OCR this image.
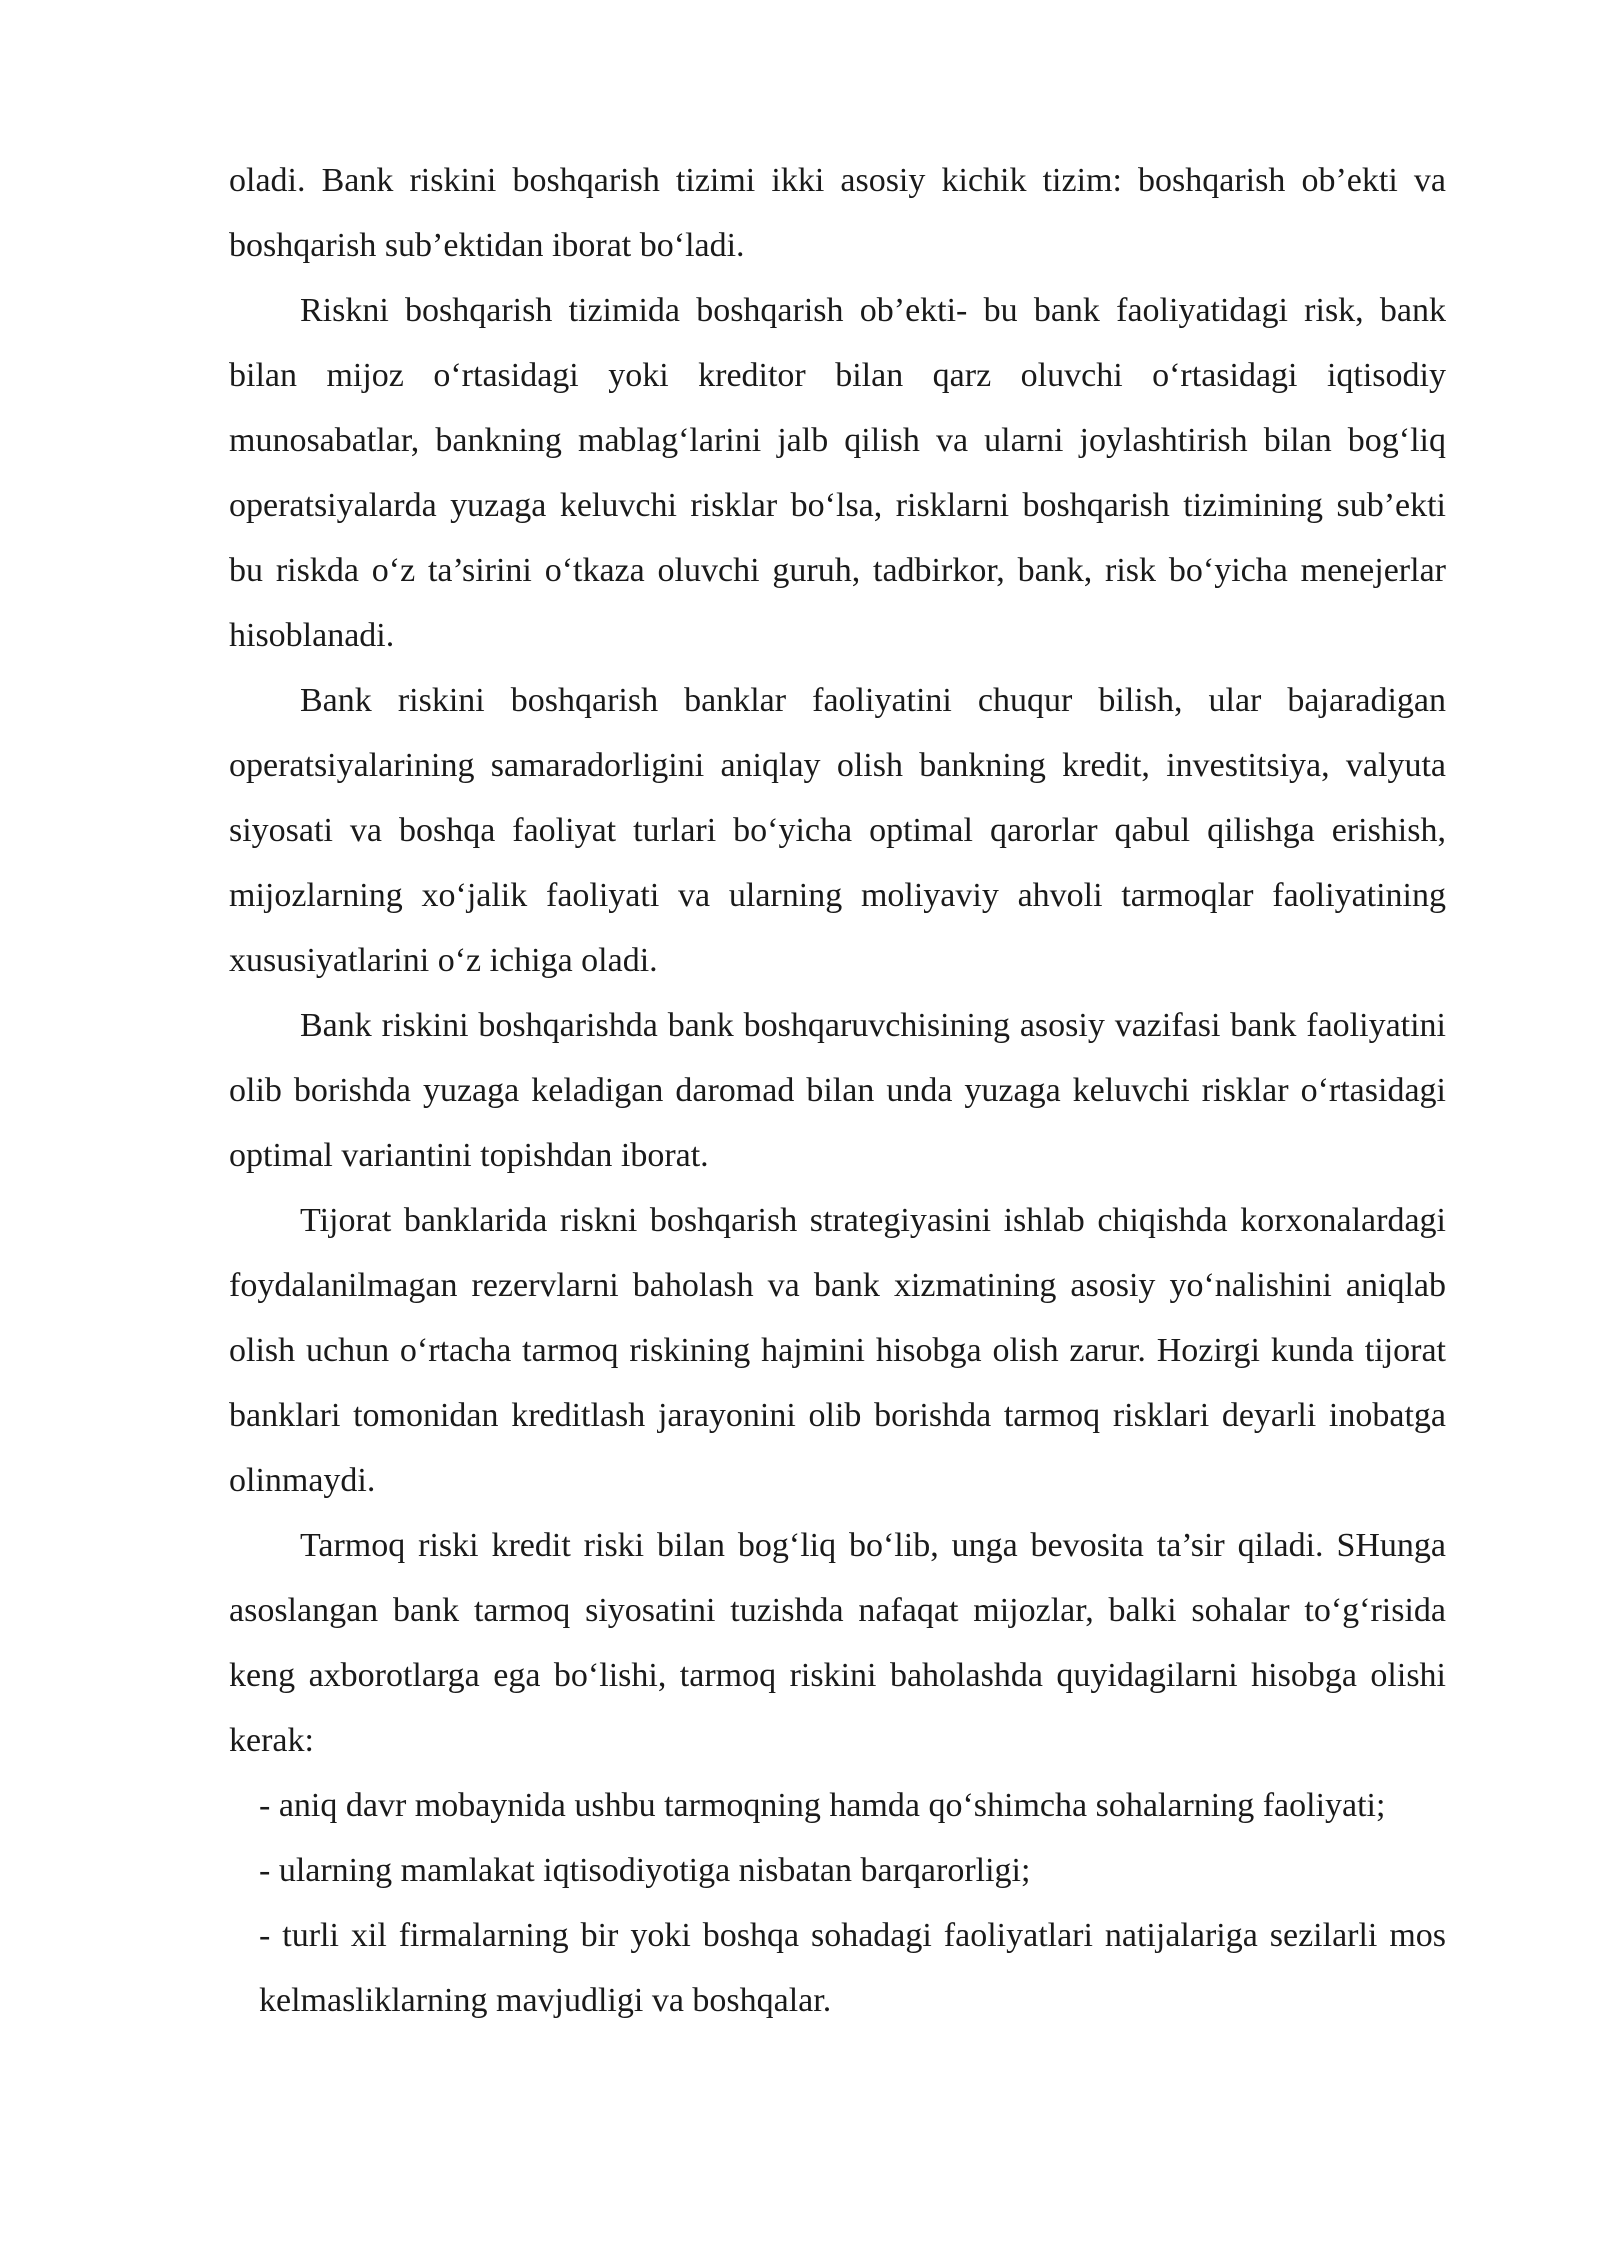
oladi. Bank riskini boshqarish tizimi ikki asosiy kichik tizim: boshqarish ob’ekti va boshqarish sub’ektidan iborat bo‘ladi.

Riskni boshqarish tizimida boshqarish ob’ekti- bu bank faoliyatidagi risk, bank bilan mijoz o‘rtasidagi yoki kreditor bilan qarz oluvchi o‘rtasidagi iqtisodiy munosabatlar, bankning mablag‘larini jalb qilish va ularni joylashtirish bilan bog‘liq operatsiyalarda yuzaga keluvchi risklar bo‘lsa, risklarni boshqarish tizimining sub’ekti bu riskda o‘z ta’sirini o‘tkaza oluvchi guruh, tadbirkor, bank, risk bo‘yicha menejerlar hisoblanadi.

Bank riskini boshqarish banklar faoliyatini chuqur bilish, ular bajaradigan operatsiyalarining samaradorligini aniqlay olish bankning kredit, investitsiya, valyuta siyosati va boshqa faoliyat turlari bo‘yicha optimal qarorlar qabul qilishga erishish, mijozlarning xo‘jalik faoliyati va ularning moliyaviy ahvoli tarmoqlar faoliyatining xususiyatlarini o‘z ichiga oladi.

Bank riskini boshqarishda bank boshqaruvchisining asosiy vazifasi bank faoliyatini olib borishda yuzaga keladigan daromad bilan unda yuzaga keluvchi risklar o‘rtasidagi optimal variantini topishdan iborat.

Tijorat banklarida riskni boshqarish strategiyasini ishlab chiqishda korxonalardagi foydalanilmagan rezervlarni baholash va bank xizmatining asosiy yo‘nalishini aniqlab olish uchun o‘rtacha tarmoq riskining hajmini hisobga olish zarur. Hozirgi kunda tijorat banklari tomonidan kreditlash jarayonini olib borishda tarmoq risklari deyarli inobatga olinmaydi.

Tarmoq riski kredit riski bilan bog‘liq bo‘lib, unga bevosita ta’sir qiladi. SHunga asoslangan bank tarmoq siyosatini tuzishda nafaqat mijozlar, balki sohalar to‘g‘risida keng axborotlarga ega bo‘lishi, tarmoq riskini baholashda quyidagilarni hisobga olishi kerak:

- aniq davr mobaynida ushbu tarmoqning hamda qo‘shimcha sohalarning faoliyati;
- ularning mamlakat iqtisodiyotiga nisbatan barqarorligi;
- turli xil firmalarning bir yoki boshqa sohadagi faoliyatlari natijalariga sezilarli mos kelmasliklarning mavjudligi va boshqalar.
